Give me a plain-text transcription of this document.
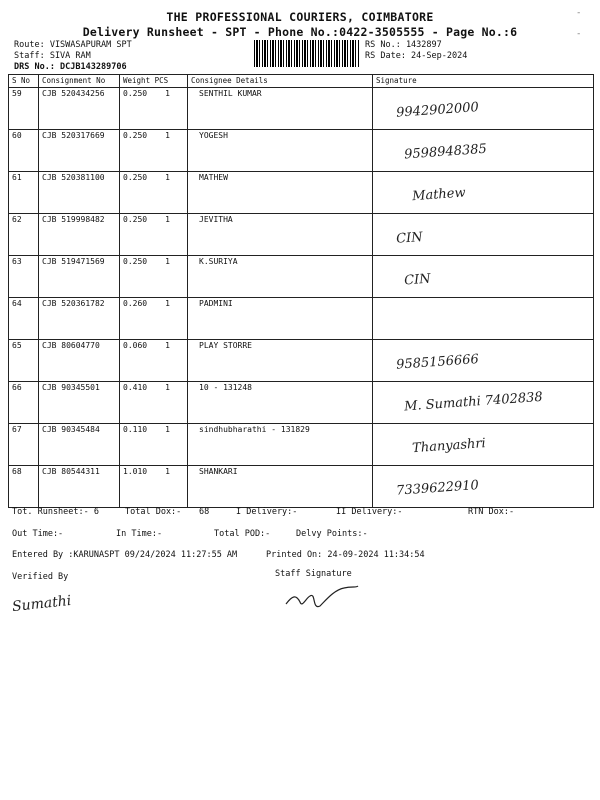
THE PROFESSIONAL COURIERS, COIMBATORE
Delivery Runsheet - SPT - Phone No.:0422-3505555 - Page No.:6
Route: VISWASAPURAM SPT
Staff: SIVA RAM
DRS No.: DCJB143289706
RS No.: 1432897
RS Date: 24-Sep-2024
-
-
S No	Consignment No	Weight PCS	Consignee Details	Signature
59	CJB 520434256	0.250 1	SENTHIL KUMAR	9942902000

60	CJB 520317669	0.250 1	YOGESH	9598948385

61	CJB 520381100	0.250 1	MATHEW	Mathew

62	CJB 519998482	0.250 1	JEVITHA	CIN

63	CJB 519471569	0.250 1	K.SURIYA	CIN

64	CJB 520361782	0.260 1	PADMINI	

65	CJB 80604770	0.060 1	PLAY STORRE	9585156666

66	CJB 90345501	0.410 1	10 - 131248	M. Sumathi 7402838

67	CJB 90345484	0.110 1	sindhubharathi - 131829	Thanyashri

68	CJB 80544311	1.010 1	SHANKARI	7339622910
Tot. Runsheet:- 6	Total Dox:- 68	I Delivery:-	II Delivery:-	RTN Dox:-
Out Time:-	In Time:-	Total POD:-	Delvy Points:-
Entered By :KARUNASPT 09/24/2024 11:27:55 AM	Printed On: 24-09-2024 11:34:54
Verified By	Staff Signature
Sumathi
